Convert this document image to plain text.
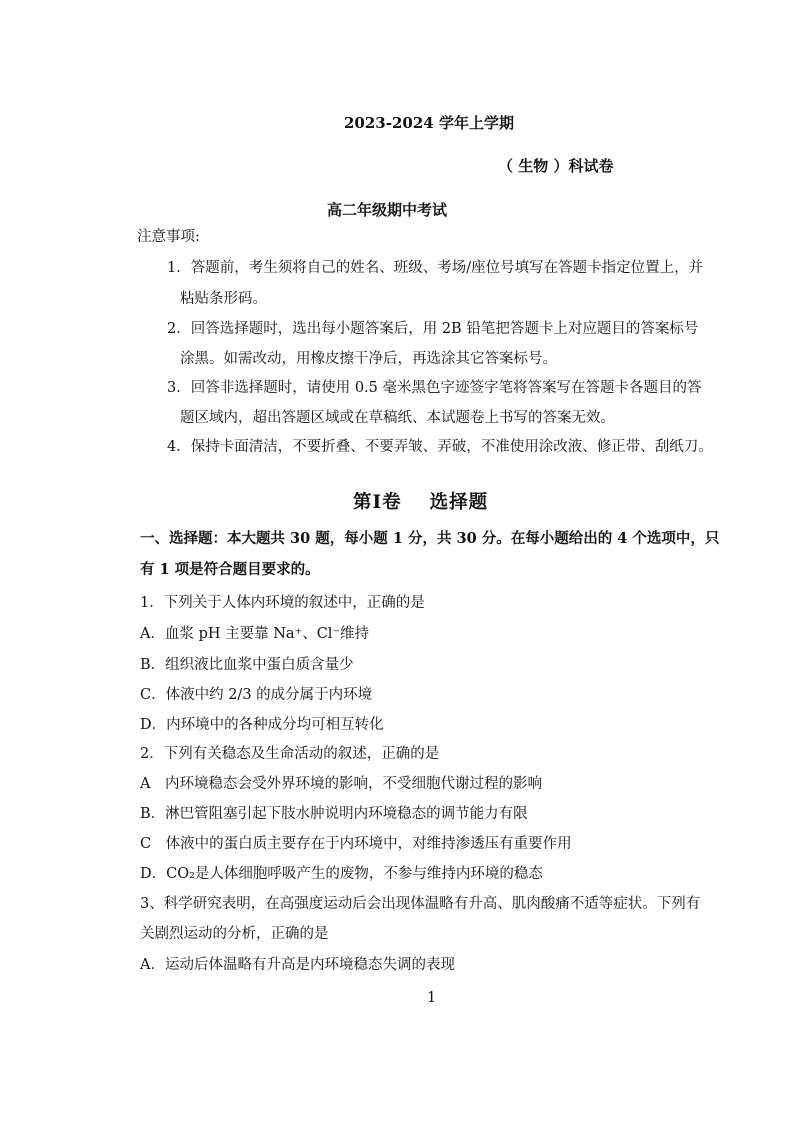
2023-2024 学年上学期
（ 生物 ）科试卷
高二年级期中考试
注意事项:
1．答题前，考生须将自己的姓名、班级、考场/座位号填写在答题卡指定位置上，并
粘贴条形码。
2．回答选择题时，选出每小题答案后，用 2B 铅笔把答题卡上对应题目的答案标号
涂黑。如需改动，用橡皮擦干净后，再选涂其它答案标号。
3．回答非选择题时，请使用 0.5 毫米黑色字迹签字笔将答案写在答题卡各题目的答
题区域内，超出答题区域或在草稿纸、本试题卷上书写的答案无效。
4．保持卡面清洁，不要折叠、不要弄皱、弄破，不准使用涂改液、修正带、刮纸刀。
第Ⅰ卷 选择题
一、选择题：本大题共 30 题，每小题 1 分，共 30 分。在每小题给出的 4 个选项中，只
有 1 项是符合题目要求的。
1．下列关于人体内环境的叙述中，正确的是
A．血浆 pH 主要靠 Na⁺、Cl⁻维持
B．组织液比血浆中蛋白质含量少
C．体液中约 2/3 的成分属于内环境
D．内环境中的各种成分均可相互转化
2．下列有关稳态及生命活动的叙述，正确的是
A　内环境稳态会受外界环境的影响，不受细胞代谢过程的影响
B．淋巴管阻塞引起下肢水肿说明内环境稳态的调节能力有限
C　体液中的蛋白质主要存在于内环境中，对维持渗透压有重要作用
D．CO₂是人体细胞呼吸产生的废物，不参与维持内环境的稳态
3、科学研究表明，在高强度运动后会出现体温略有升高、肌肉酸痛不适等症状。下列有
关剧烈运动的分析，正确的是
A．运动后体温略有升高是内环境稳态失调的表现
1
